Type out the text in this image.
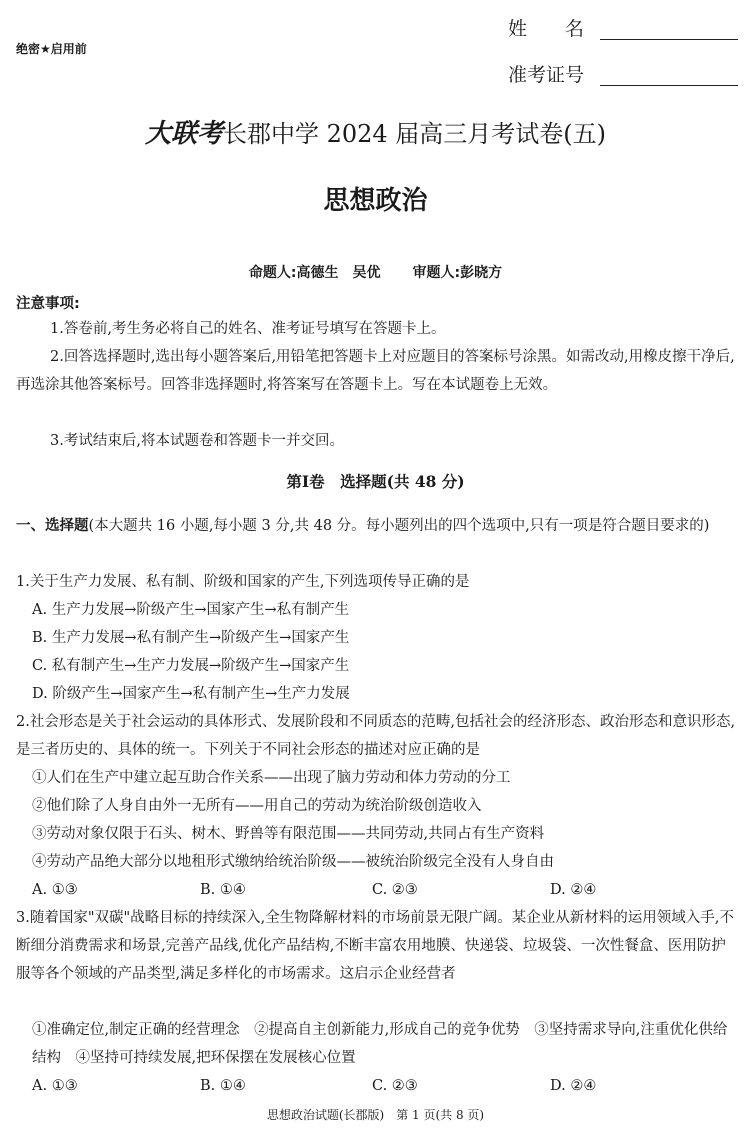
绝密★启用前
姓　　名
准考证号
大联考长郡中学 2024 届高三月考试卷(五)
思想政治
命题人:高德生　吴优 审题人:彭晓方
注意事项:
1.答卷前,考生务必将自己的姓名、准考证号填写在答题卡上。
2.回答选择题时,选出每小题答案后,用铅笔把答题卡上对应题目的答案标号涂黑。如需改动,用橡皮擦干净后,再选涂其他答案标号。回答非选择题时,将答案写在答题卡上。写在本试题卷上无效。
3.考试结束后,将本试题卷和答题卡一并交回。
第Ⅰ卷　选择题(共 48 分)
一、选择题(本大题共 16 小题,每小题 3 分,共 48 分。每小题列出的四个选项中,只有一项是符合题目要求的)
1.关于生产力发展、私有制、阶级和国家的产生,下列选项传导正确的是
A. 生产力发展→阶级产生→国家产生→私有制产生
B. 生产力发展→私有制产生→阶级产生→国家产生
C. 私有制产生→生产力发展→阶级产生→国家产生
D. 阶级产生→国家产生→私有制产生→生产力发展
2.社会形态是关于社会运动的具体形式、发展阶段和不同质态的范畴,包括社会的经济形态、政治形态和意识形态,是三者历史的、具体的统一。下列关于不同社会形态的描述对应正确的是
①人们在生产中建立起互助合作关系——出现了脑力劳动和体力劳动的分工
②他们除了人身自由外一无所有——用自己的劳动为统治阶级创造收入
③劳动对象仅限于石头、树木、野兽等有限范围——共同劳动,共同占有生产资料
④劳动产品绝大部分以地租形式缴纳给统治阶级——被统治阶级完全没有人身自由
A. ①③	B. ①④	C. ②③	D. ②④
3.随着国家"双碳"战略目标的持续深入,全生物降解材料的市场前景无限广阔。某企业从新材料的运用领域入手,不断细分消费需求和场景,完善产品线,优化产品结构,不断丰富农用地膜、快递袋、垃圾袋、一次性餐盒、医用防护服等各个领域的产品类型,满足多样化的市场需求。这启示企业经营者
①准确定位,制定正确的经营理念　②提高自主创新能力,形成自己的竞争优势　③坚持需求导向,注重优化供给结构　④坚持可持续发展,把环保摆在发展核心位置
A. ①③	B. ①④	C. ②③	D. ②④
思想政治试题(长郡版)　第 1 页(共 8 页)
